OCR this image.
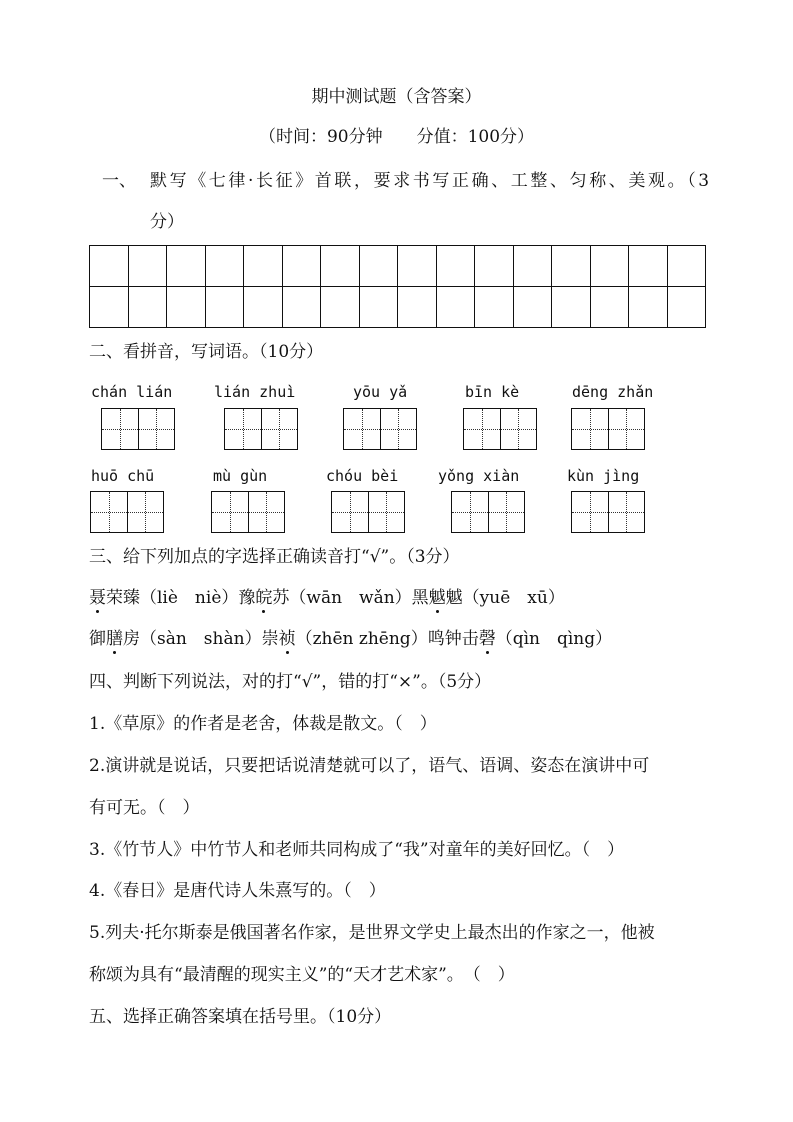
期中测试题（含答案）
（时间：90分钟　　分值：100分）
一、 默写《七律·长征》首联，要求书写正确、工整、匀称、美观。（3
分）

二、看拼音，写词语。（10分）
chán lián	lián zhuì	yōu yǎ	bīn kè	dēng zhǎn
huō chū	mù gùn	chóu bèi	yǒng xiàn	kùn jìng
三、给下列加点的字选择正确读音打“√”。（3分）
聂荣臻（liè　niè）豫皖苏（wān　wǎn）黑魆魆（yuē　xū）
御膳房（sàn　shàn）崇祯（zhēn zhēng）鸣钟击磬（qìn　qìng）
四、判断下列说法，对的打“√”，错的打“×”。（5分）
1.《草原》的作者是老舍，体裁是散文。（　）
2.演讲就是说话，只要把话说清楚就可以了，语气、语调、姿态在演讲中可
有可无。（　）
3.《竹节人》中竹节人和老师共同构成了“我”对童年的美好回忆。（　）
4.《春日》是唐代诗人朱熹写的。（　）
5.列夫·托尔斯泰是俄国著名作家，是世界文学史上最杰出的作家之一，他被
称颂为具有“最清醒的现实主义”的“天才艺术家”。　（　）
五、选择正确答案填在括号里。（10分）
